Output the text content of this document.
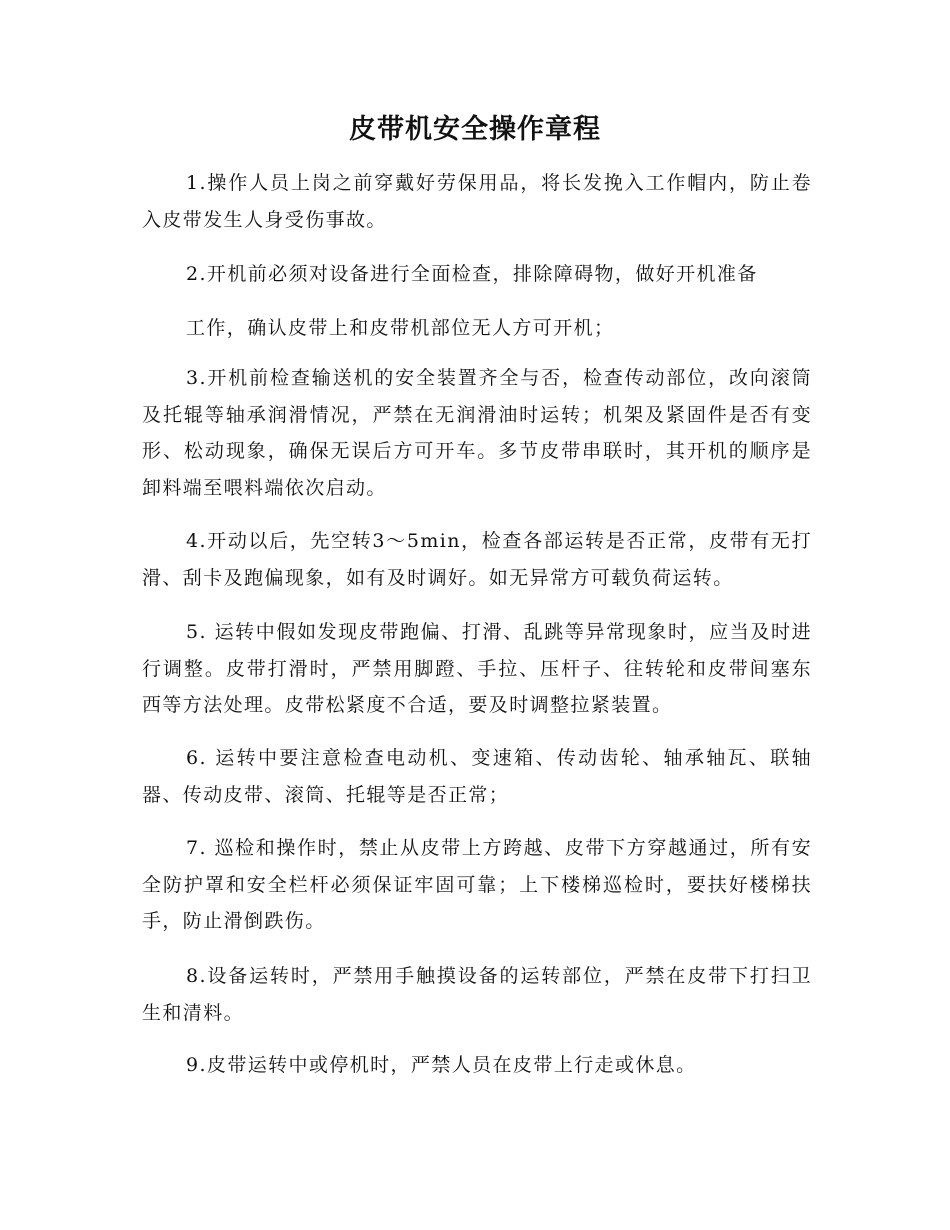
皮带机安全操作章程

1.操作人员上岗之前穿戴好劳保用品，将长发挽入工作帽内，防止卷入皮带发生人身受伤事故。

2.开机前必须对设备进行全面检查，排除障碍物，做好开机准备

工作，确认皮带上和皮带机部位无人方可开机；

3.开机前检查输送机的安全装置齐全与否，检查传动部位，改向滚筒及托辊等轴承润滑情况，严禁在无润滑油时运转；机架及紧固件是否有变形、松动现象，确保无误后方可开车。多节皮带串联时，其开机的顺序是卸料端至喂料端依次启动。

4.开动以后，先空转3～5min，检查各部运转是否正常，皮带有无打滑、刮卡及跑偏现象，如有及时调好。如无异常方可载负荷运转。

5. 运转中假如发现皮带跑偏、打滑、乱跳等异常现象时，应当及时进行调整。皮带打滑时，严禁用脚蹬、手拉、压杆子、往转轮和皮带间塞东西等方法处理。皮带松紧度不合适，要及时调整拉紧装置。

6. 运转中要注意检查电动机、变速箱、传动齿轮、轴承轴瓦、联轴器、传动皮带、滚筒、托辊等是否正常；

7. 巡检和操作时，禁止从皮带上方跨越、皮带下方穿越通过，所有安全防护罩和安全栏杆必须保证牢固可靠；上下楼梯巡检时，要扶好楼梯扶手，防止滑倒跌伤。

8.设备运转时，严禁用手触摸设备的运转部位，严禁在皮带下打扫卫生和清料。

9.皮带运转中或停机时，严禁人员在皮带上行走或休息。
